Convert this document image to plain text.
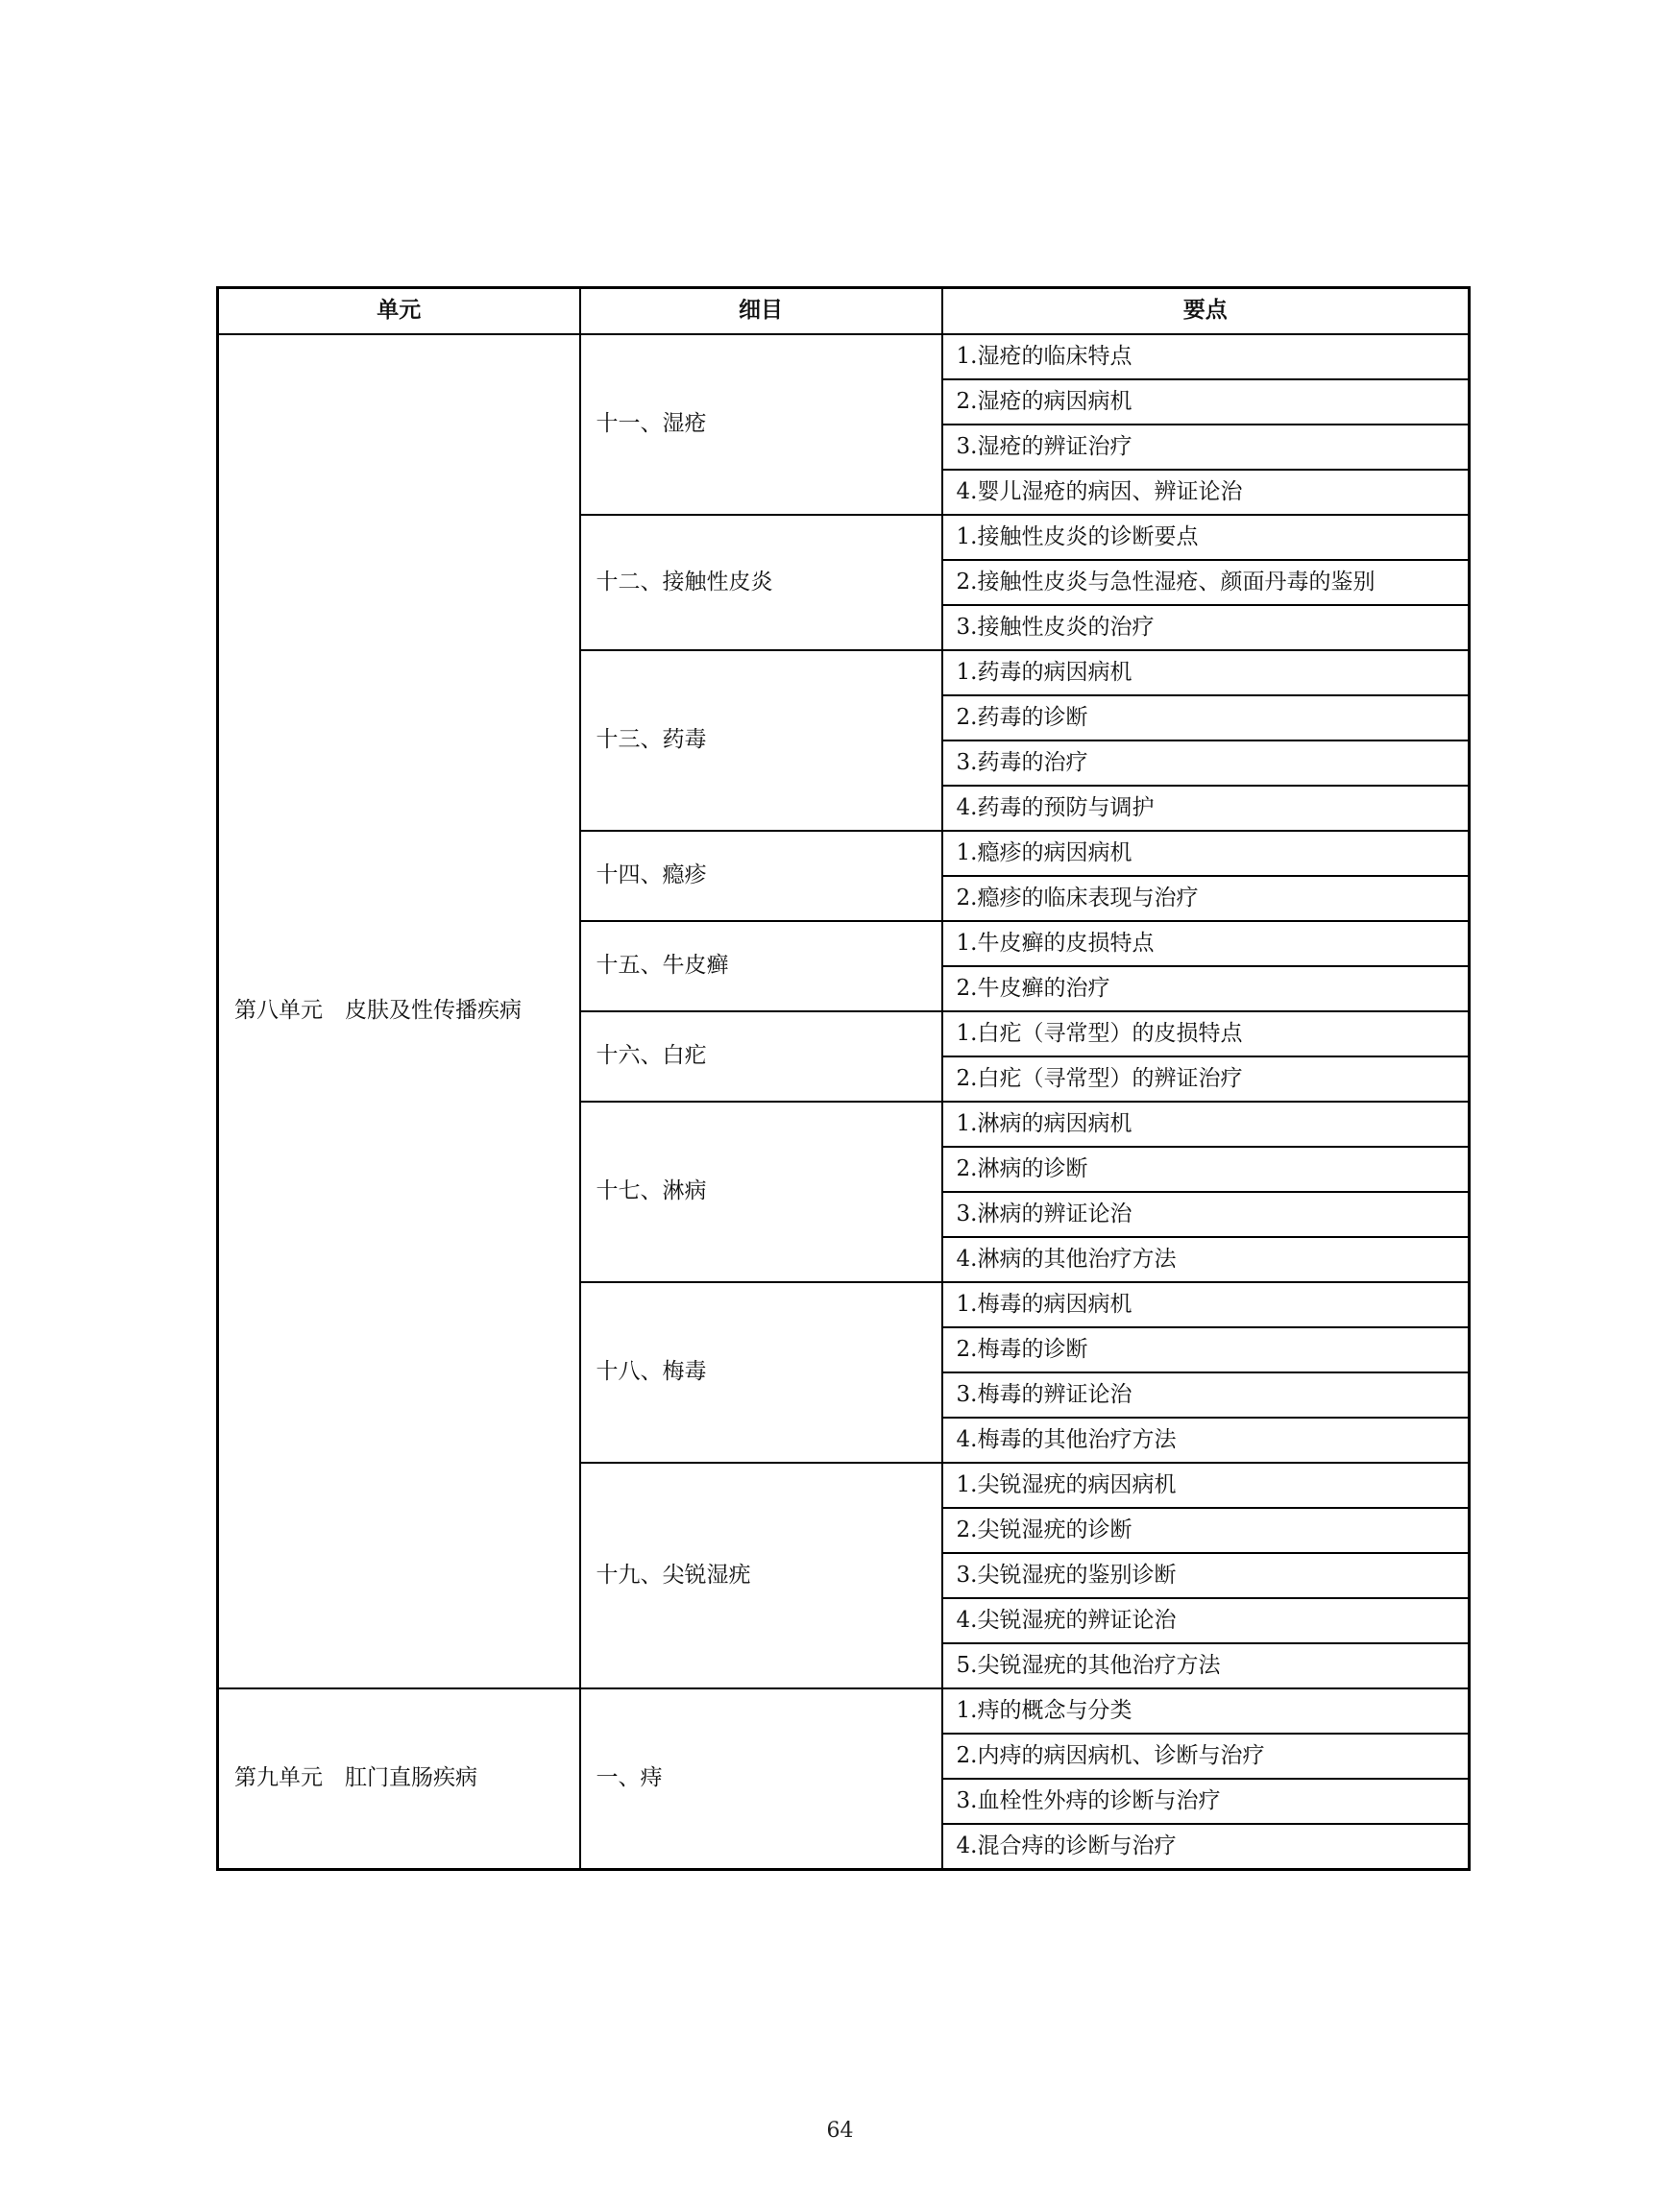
单元	细目	要点
第八单元　皮肤及性传播疾病	十一、湿疮	1.湿疮的临床特点
		2.湿疮的病因病机
		3.湿疮的辨证治疗
		4.婴儿湿疮的病因、辨证论治
	十二、接触性皮炎	1.接触性皮炎的诊断要点
		2.接触性皮炎与急性湿疮、颜面丹毒的鉴别
		3.接触性皮炎的治疗
	十三、药毒	1.药毒的病因病机
		2.药毒的诊断
		3.药毒的治疗
		4.药毒的预防与调护
	十四、瘾疹	1.瘾疹的病因病机
		2.瘾疹的临床表现与治疗
	十五、牛皮癣	1.牛皮癣的皮损特点
		2.牛皮癣的治疗
	十六、白疕	1.白疕（寻常型）的皮损特点
		2.白疕（寻常型）的辨证治疗
	十七、淋病	1.淋病的病因病机
		2.淋病的诊断
		3.淋病的辨证论治
		4.淋病的其他治疗方法
	十八、梅毒	1.梅毒的病因病机
		2.梅毒的诊断
		3.梅毒的辨证论治
		4.梅毒的其他治疗方法
	十九、尖锐湿疣	1.尖锐湿疣的病因病机
		2.尖锐湿疣的诊断
		3.尖锐湿疣的鉴别诊断
		4.尖锐湿疣的辨证论治
		5.尖锐湿疣的其他治疗方法
第九单元　肛门直肠疾病	一、痔	1.痔的概念与分类
		2.内痔的病因病机、诊断与治疗
		3.血栓性外痔的诊断与治疗
		4.混合痔的诊断与治疗
64
